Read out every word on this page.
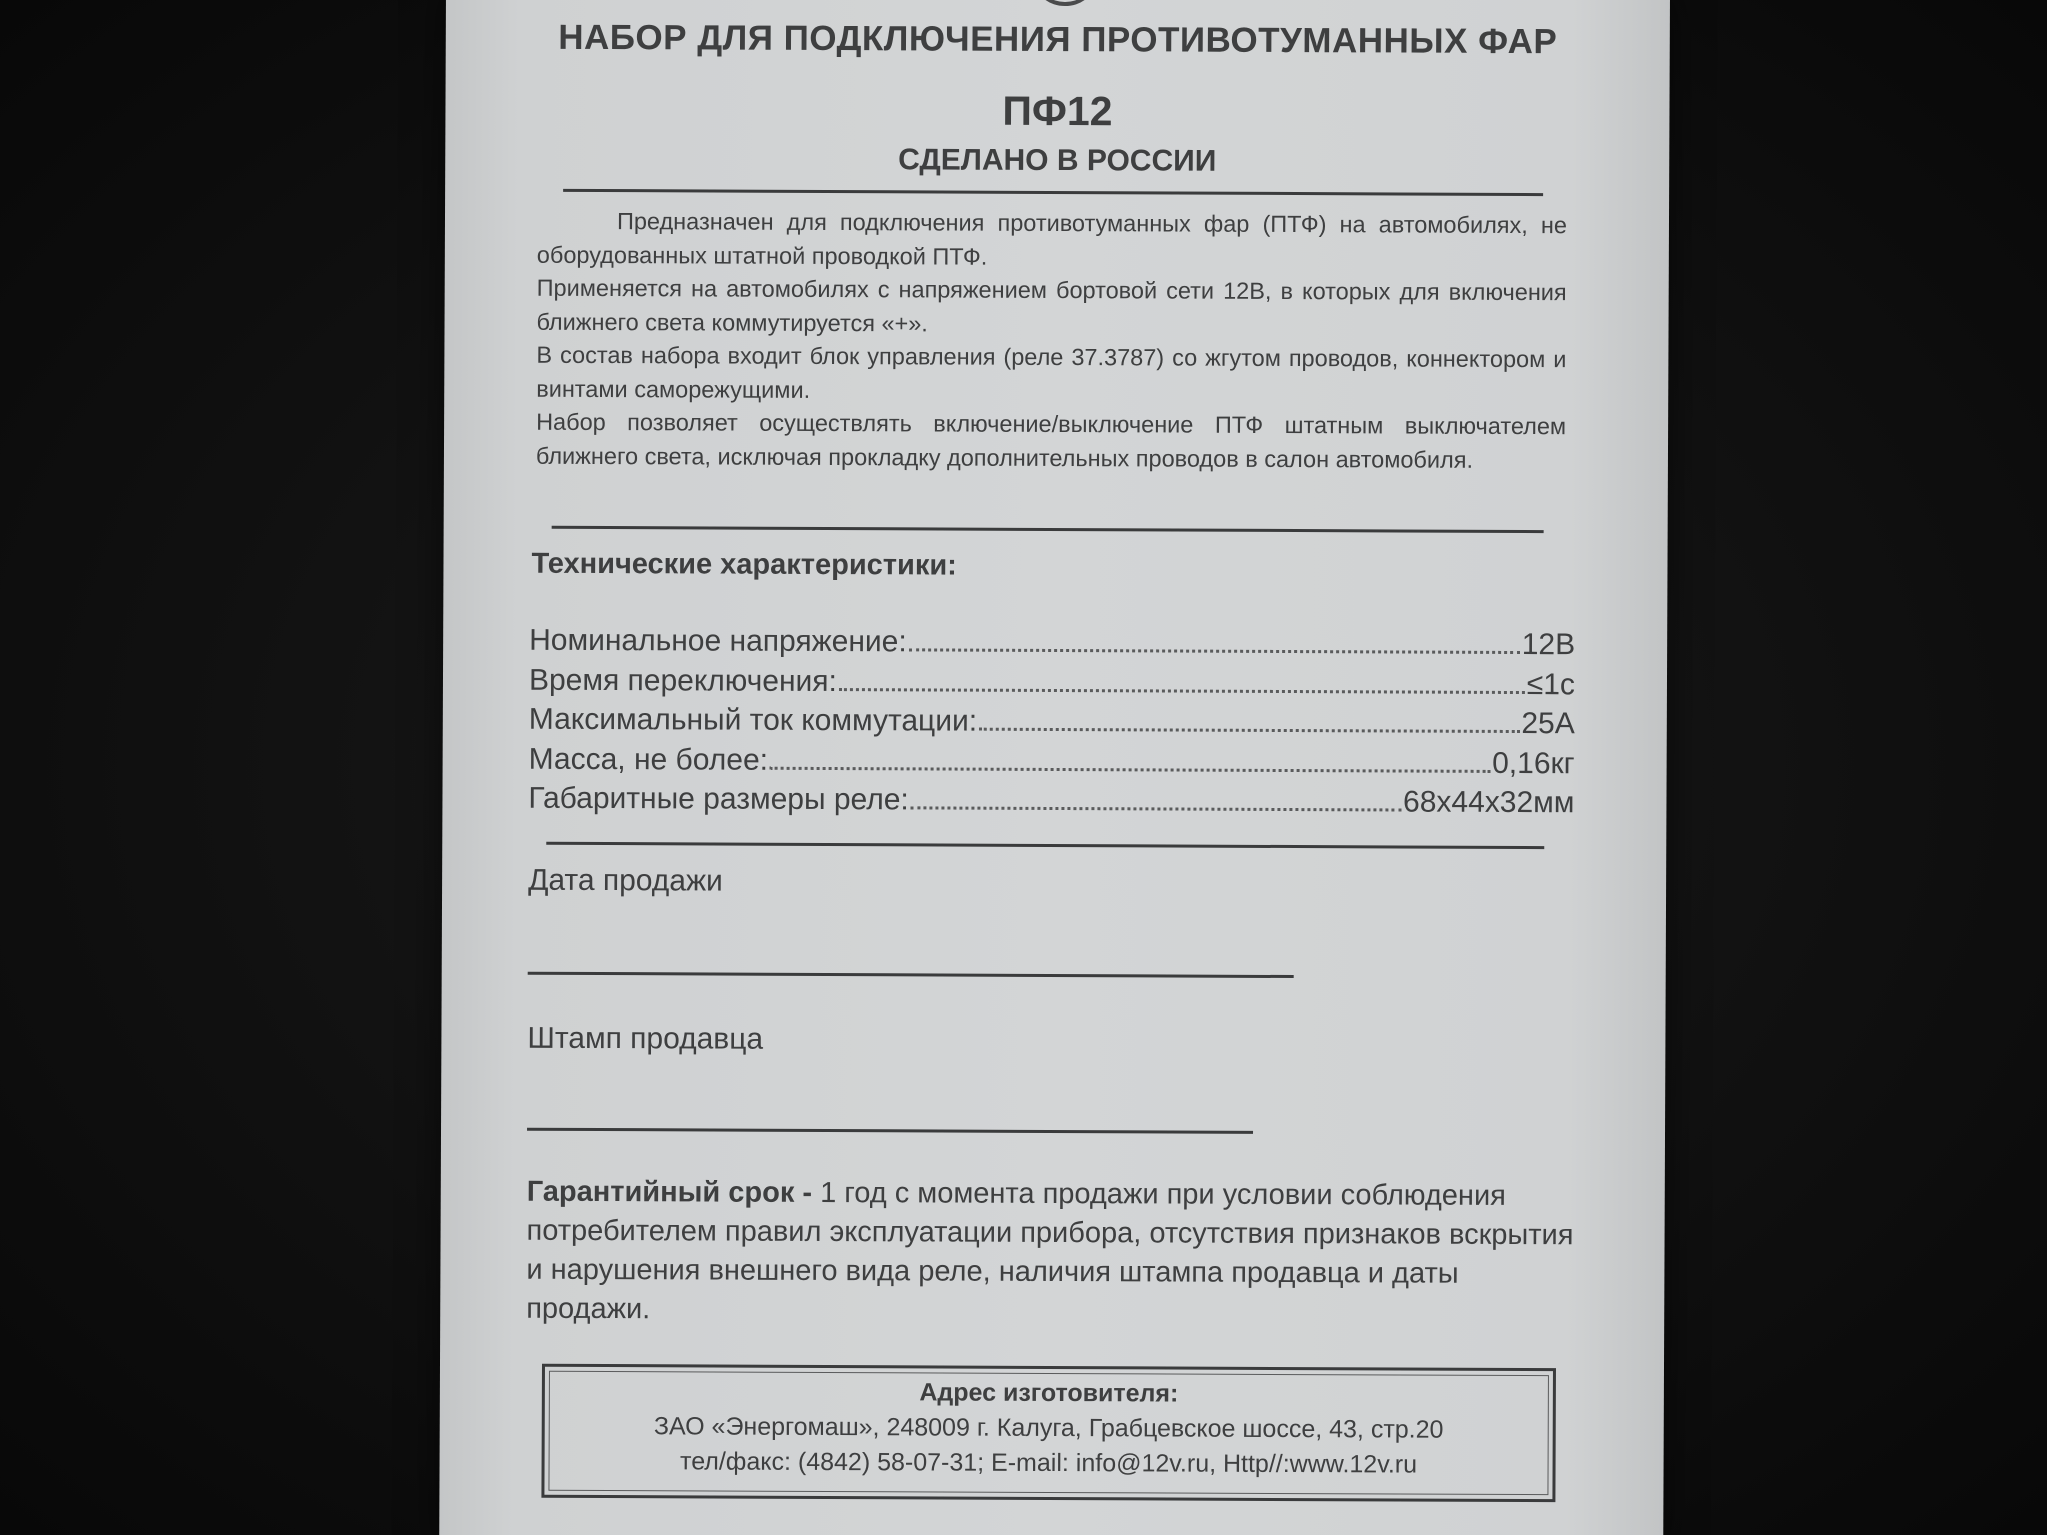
НАБОР ДЛЯ ПОДКЛЮЧЕНИЯ ПРОТИВОТУМАННЫХ ФАР
ПФ12
СДЕЛАНО В РОССИИ

Предназначен для подключения противотуманных фар (ПТФ) на автомобилях, не оборудованных штатной проводкой ПТФ.

Применяется на автомобилях с напряжением бортовой сети 12В, в которых для включения ближнего света коммутируется «+».

В состав набора входит блок управления (реле 37.3787) со жгутом проводов, коннектором и винтами саморежущими.

Набор позволяет осуществлять включение/выключение ПТФ штатным выключателем ближнего света, исключая прокладку дополнительных проводов в салон автомобиля.

Технические характеристики:
Номинальное напряжение:	12В
Время переключения:	≤1с
Максимальный ток коммутации:	25А
Масса, не более:	0,16кг
Габаритные размеры реле:	68x44x32мм
Дата продажи
Штамп продавца
Гарантийный срок - 1 год с момента продажи при условии соблюдения потребителем правил эксплуатации прибора, отсутствия признаков вскрытия и нарушения внешнего вида реле, наличия штампа продавца и даты продажи.
Адрес изготовителя:
ЗАО «Энергомаш», 248009 г. Калуга, Грабцевское шоссе, 43, стр.20
тел/факс: (4842) 58-07-31; E-mail: info@12v.ru, Http//:www.12v.ru
